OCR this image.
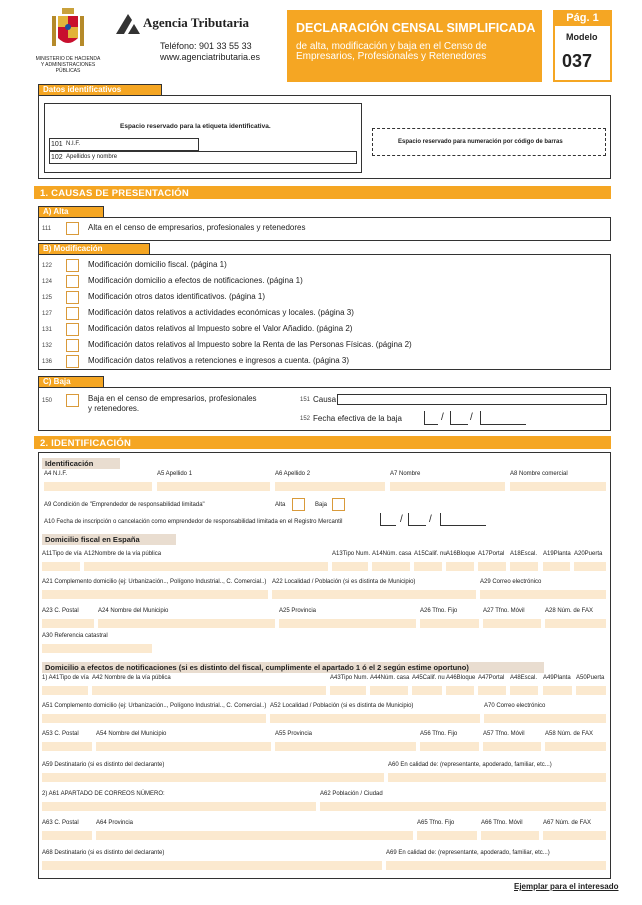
MINISTERIO DE HACIENDA Y ADMINISTRACIONES PÚBLICAS
Agencia Tributaria
Teléfono: 901 33 55 33
www.agenciatributaria.es
DECLARACIÓN CENSAL SIMPLIFICADA
de alta, modificación y baja en el Censo de Empresarios, Profesionales y Retenedores
Pág. 1
Modelo
037
Datos identificativos
Espacio reservado para la etiqueta identificativa.
101 N.I.F.
102 Apellidos y nombre
Espacio reservado para numeración por código de barras
1. CAUSAS DE PRESENTACIÓN
A) Alta
111	Alta en el censo de empresarios, profesionales y retenedores
B) Modificación
C) Baja
150	Baja en el censo de empresarios, profesionales
y retenedores.
151 Causa
152 Fecha efectiva de la baja	/	/
2. IDENTIFICACIÓN
Identificación
A4 N.I.F.	A5 Apellido 1	A6 Apellido 2	A7 Nombre	A8 Nombre comercial
A9 Condición de "Emprendedor de responsabilidad limitada"	Alta	Baja
A10 Fecha de inscripción o cancelación como emprendedor de responsabilidad limitada en el Registro Mercantil	/	/
Domicilio fiscal en España
Domicilio a efectos de notificaciones (si es distinto del fiscal, cumplimente el apartado 1 ó el 2 según estime oportuno)
Ejemplar para el interesado
122	Modificación domicilio fiscal. (página 1)
124	Modificación domicilio a efectos de notificaciones. (página 1)
125	Modificación otros datos identificativos. (página 1)
127	Modificación datos relativos a actividades económicas y locales. (página 3)
131	Modificación datos relativos al Impuesto sobre el Valor Añadido. (página 2)
132	Modificación datos relativos al Impuesto sobre la Renta de las Personas Físicas. (página 2)
136	Modificación datos relativos a retenciones e ingresos a cuenta. (página 3)
A11Tipo de vía A12Nombre de la vía pública	A13Tipo Num. A14Núm. casa A15Calif. nu A16Bloque A17Portal A18Escal. A19Planta A20Puerta
A21 Complemento domicilio (ej: Urbanización.., Polígono Industrial.., C. Comercial..) A22 Localidad / Población (si es distinta de Municipio)	A29 Correo electrónico
A23 C. Postal	A24 Nombre del Municipio	A25 Provincia	A26 Tfno. Fijo	A27 Tfno. Móvil	A28 Núm. de FAX
A30 Referencia catastral
1) A41Tipo de vía A42 Nombre de la vía pública	A43Tipo Num. A44Núm. casa A45Calif. nu A46Bloque A47Portal A48Escal. A49Planta A50Puerta
A51 Complemento domicilio (ej: Urbanización.., Polígono Industrial.., C. Comercial..) A52 Localidad / Población (si es distinta de Municipio)	A70 Correo electrónico
A53 C. Postal	A54 Nombre del Municipio	A55 Provincia	A56 Tfno. Fijo	A57 Tfno. Móvil	A58 Núm. de FAX
A59 Destinatario (si es distinto del declarante)	A60 En calidad de: (representante, apoderado, familiar, etc...)
2) A61 APARTADO DE CORREOS NÚMERO:	A62 Población / Ciudad
A63 C. Postal	A64 Provincia	A65 Tfno. Fijo	A66 Tfno. Móvil	A67 Núm. de FAX
A68 Destinatario (si es distinto del declarante)	A69 En calidad de: (representante, apoderado, familiar, etc...)
